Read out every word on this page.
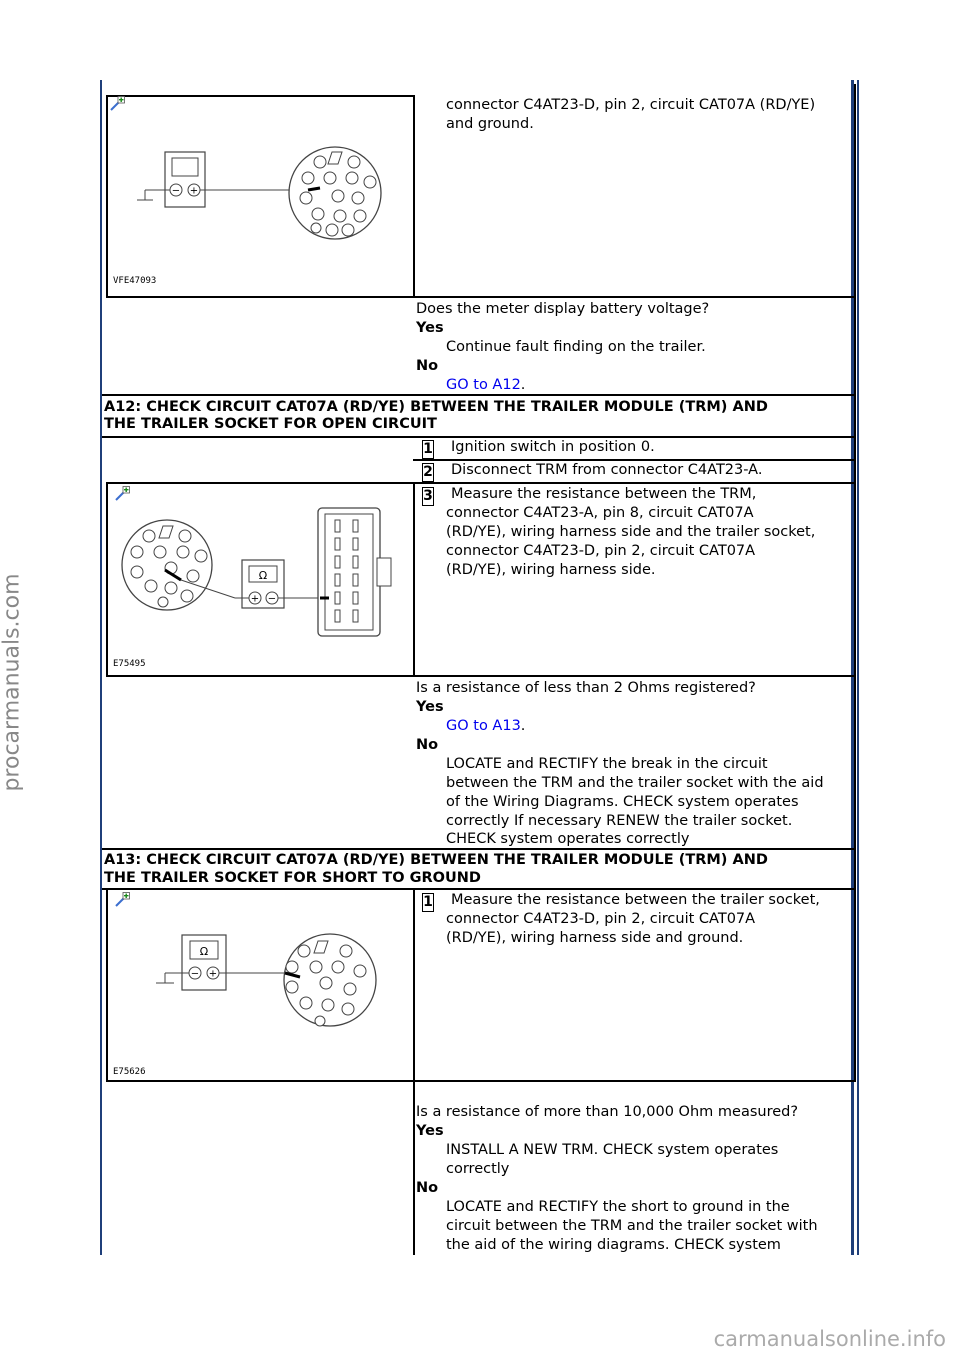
− +
VFE47093
connector C4AT23-D, pin 2, circuit CAT07A (RD/YE)
and ground.
Does the meter display battery voltage?
Yes
Continue fault finding on the trailer.
No
GO to A12.
A12: CHECK CIRCUIT CAT07A (RD/YE) BETWEEN THE TRAILER MODULE (TRM) AND
THE TRAILER SOCKET FOR OPEN CIRCUIT
1 Ignition switch in position 0.
2 Disconnect TRM from connector C4AT23-A.
Ω
+ −
E75495
3 Measure the resistance between the TRM,
connector C4AT23-A, pin 8, circuit CAT07A
(RD/YE), wiring harness side and the trailer socket,
connector C4AT23-D, pin 2, circuit CAT07A
(RD/YE), wiring harness side.
Is a resistance of less than 2 Ohms registered?
Yes
GO to A13.
No
LOCATE and RECTIFY the break in the circuit
between the TRM and the trailer socket with the aid
of the Wiring Diagrams. CHECK system operates
correctly If necessary RENEW the trailer socket.
CHECK system operates correctly
A13: CHECK CIRCUIT CAT07A (RD/YE) BETWEEN THE TRAILER MODULE (TRM) AND
THE TRAILER SOCKET FOR SHORT TO GROUND
Ω
− +
E75626
1 Measure the resistance between the trailer socket,
connector C4AT23-D, pin 2, circuit CAT07A
(RD/YE), wiring harness side and ground.
Is a resistance of more than 10,000 Ohm measured?
Yes
INSTALL A NEW TRM. CHECK system operates
correctly
No
LOCATE and RECTIFY the short to ground in the
circuit between the TRM and the trailer socket with
the aid of the wiring diagrams. CHECK system
procarmanuals.com
carmanualsonline.info
